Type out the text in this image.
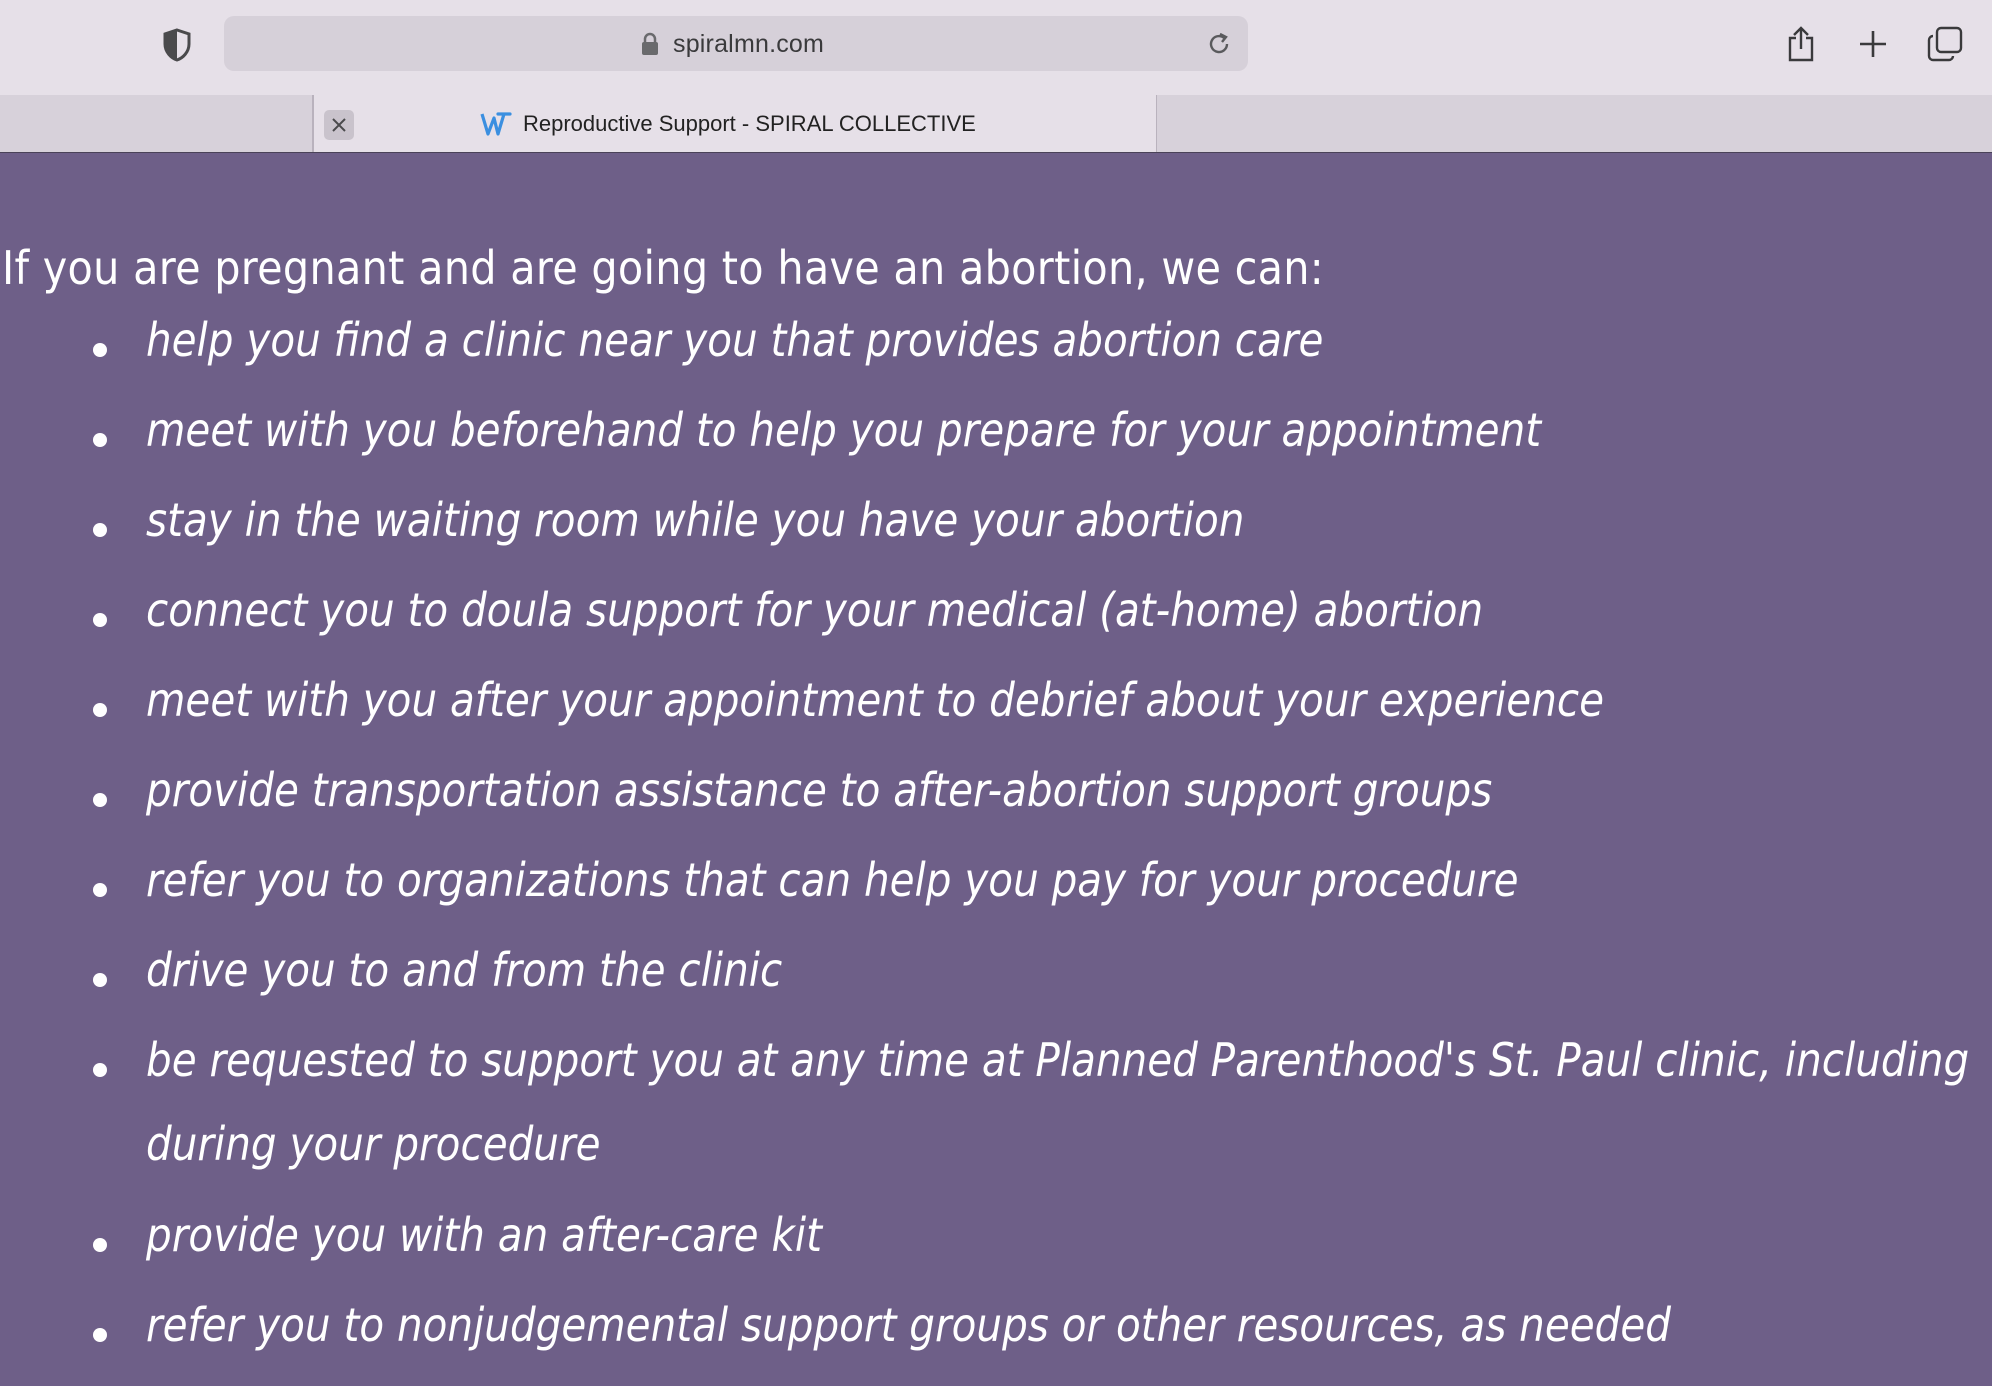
spiralmn.com
Reproductive Support - SPIRAL COLLECTIVE

If you are pregnant and are going to have an abortion, we can:

help you find a clinic near you that provides abortion care
meet with you beforehand to help you prepare for your appointment
stay in the waiting room while you have your abortion
connect you to doula support for your medical (at-home) abortion
meet with you after your appointment to debrief about your experience
provide transportation assistance to after-abortion support groups
refer you to organizations that can help you pay for your procedure
drive you to and from the clinic
be requested to support you at any time at Planned Parenthood's St. Paul clinic, including
during your procedure
provide you with an after-care kit
refer you to nonjudgemental support groups or other resources, as needed
